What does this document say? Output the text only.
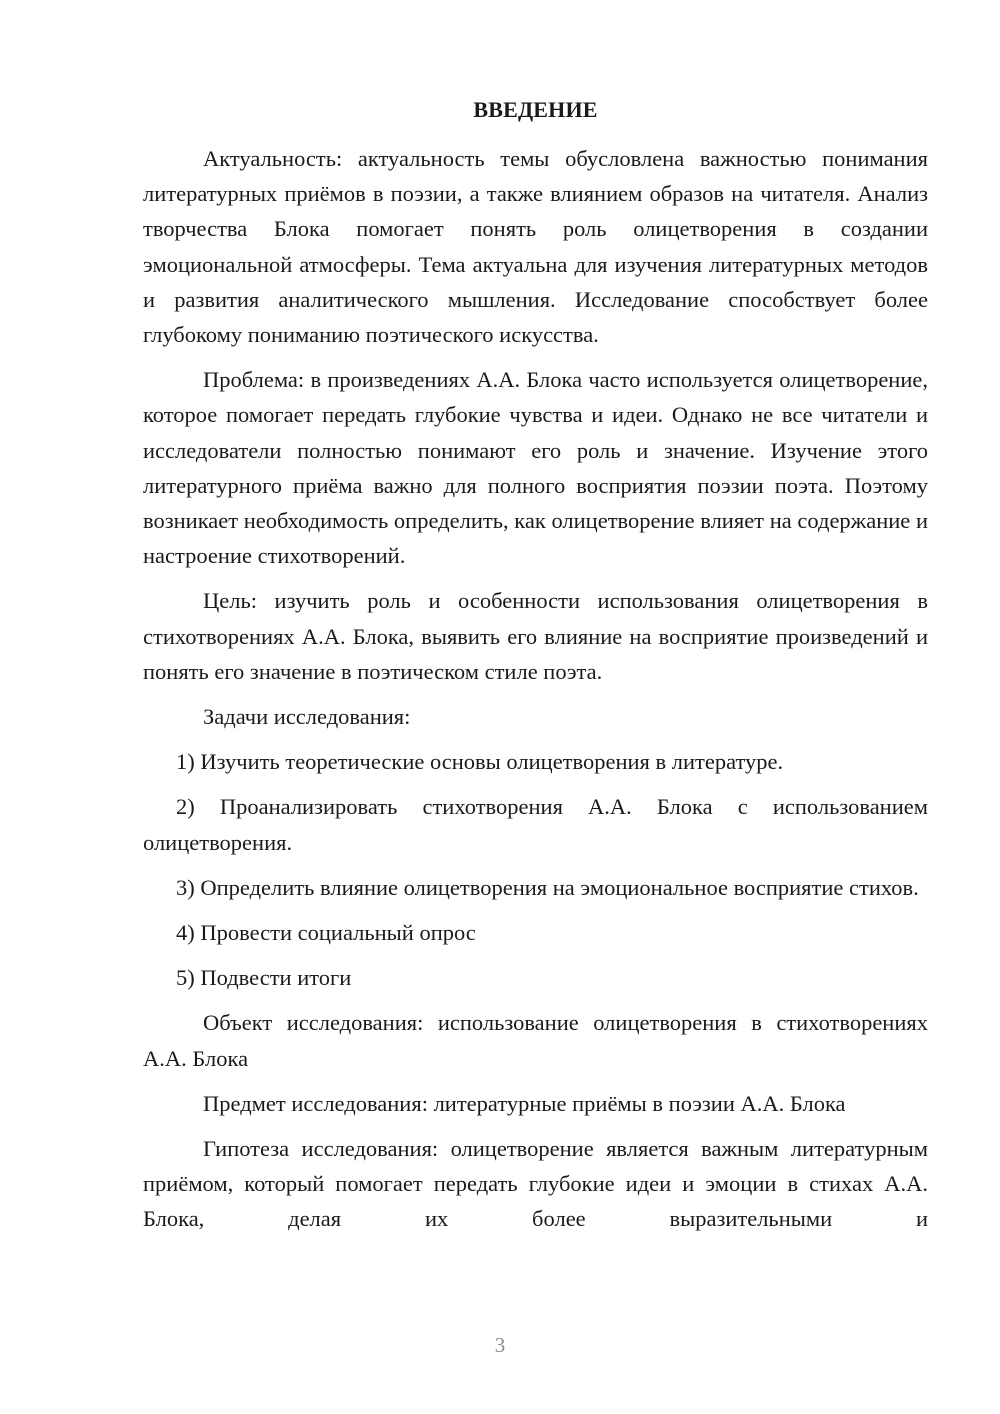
ВВЕДЕНИЕ
Актуальность: актуальность темы обусловлена важностью понимания литературных приёмов в поэзии, а также влиянием образов на читателя. Анализ творчества Блока помогает понять роль олицетворения в создании эмоциональной атмосферы. Тема актуальна для изучения литературных методов и развития аналитического мышления. Исследование способствует более глубокому пониманию поэтического искусства.
Проблема: в произведениях А.А. Блока часто используется олицетворение, которое помогает передать глубокие чувства и идеи. Однако не все читатели и исследователи полностью понимают его роль и значение. Изучение этого литературного приёма важно для полного восприятия поэзии поэта. Поэтому возникает необходимость определить, как олицетворение влияет на содержание и настроение стихотворений.
Цель: изучить роль и особенности использования олицетворения в стихотворениях А.А. Блока, выявить его влияние на восприятие произведений и понять его значение в поэтическом стиле поэта.
Задачи исследования:
1) Изучить теоретические основы олицетворения в литературе.
2) Проанализировать стихотворения А.А. Блока с использованием олицетворения.
3) Определить влияние олицетворения на эмоциональное восприятие стихов.
4) Провести социальный опрос
5) Подвести итоги
Объект исследования: использование олицетворения в стихотворениях А.А. Блока
Предмет исследования: литературные приёмы в поэзии А.А. Блока
Гипотеза исследования: олицетворение является важным литературным приёмом, который помогает передать глубокие идеи и эмоции в стихах А.А. Блока, делая их более выразительными и
3
